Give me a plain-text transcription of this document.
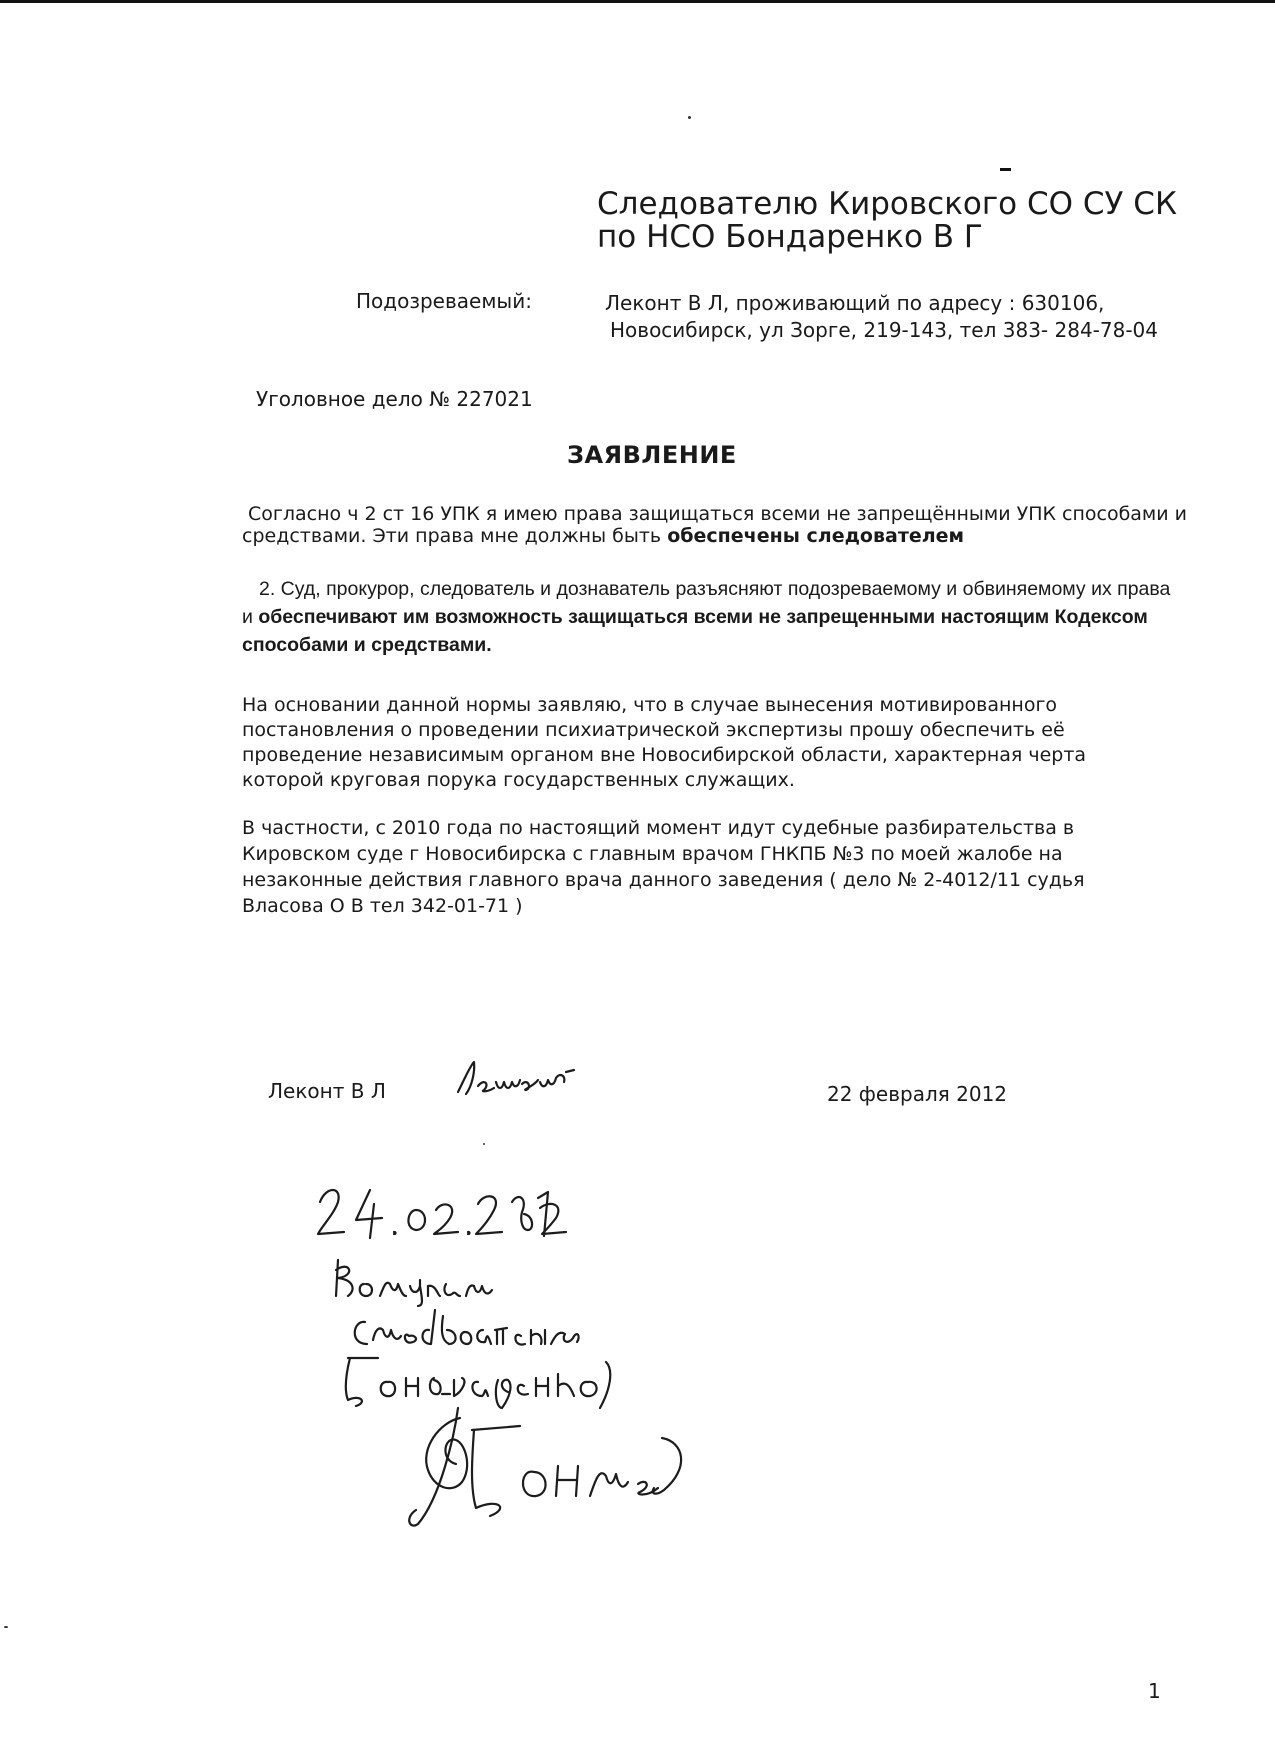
Следователю Кировского СО СУ СК
по НСО Бондаренко В Г
Подозреваемый:	Леконт В Л, проживающий по адресу : 630106,
Новосибирск, ул Зорге, 219-143, тел 383- 284-78-04
Уголовное дело № 227021
ЗАЯВЛЕНИЕ
Согласно ч 2 ст 16 УПК я имею права защищаться всеми не запрещёнными УПК способами и
средствами. Эти права мне должны быть обеспечены следователем
2. Суд, прокурор, следователь и дознаватель разъясняют подозреваемому и обвиняемому их права
и обеспечивают им возможность защищаться всеми не запрещенными настоящим Кодексом
способами и средствами.
На основании данной нормы заявляю, что в случае вынесения мотивированного
постановления о проведении психиатрической экспертизы прошу обеспечить её
проведение независимым органом вне Новосибирской области, характерная черта
которой круговая порука государственных служащих.
В частности, с 2010 года по настоящий момент идут судебные разбирательства в
Кировском суде г Новосибирска с главным врачом ГНКПБ №3 по моей жалобе на
незаконные действия главного врача данного заведения ( дело № 2-4012/11 судья
Власова О В тел 342-01-71 )
Леконт В Л	22 февраля 2012
1
